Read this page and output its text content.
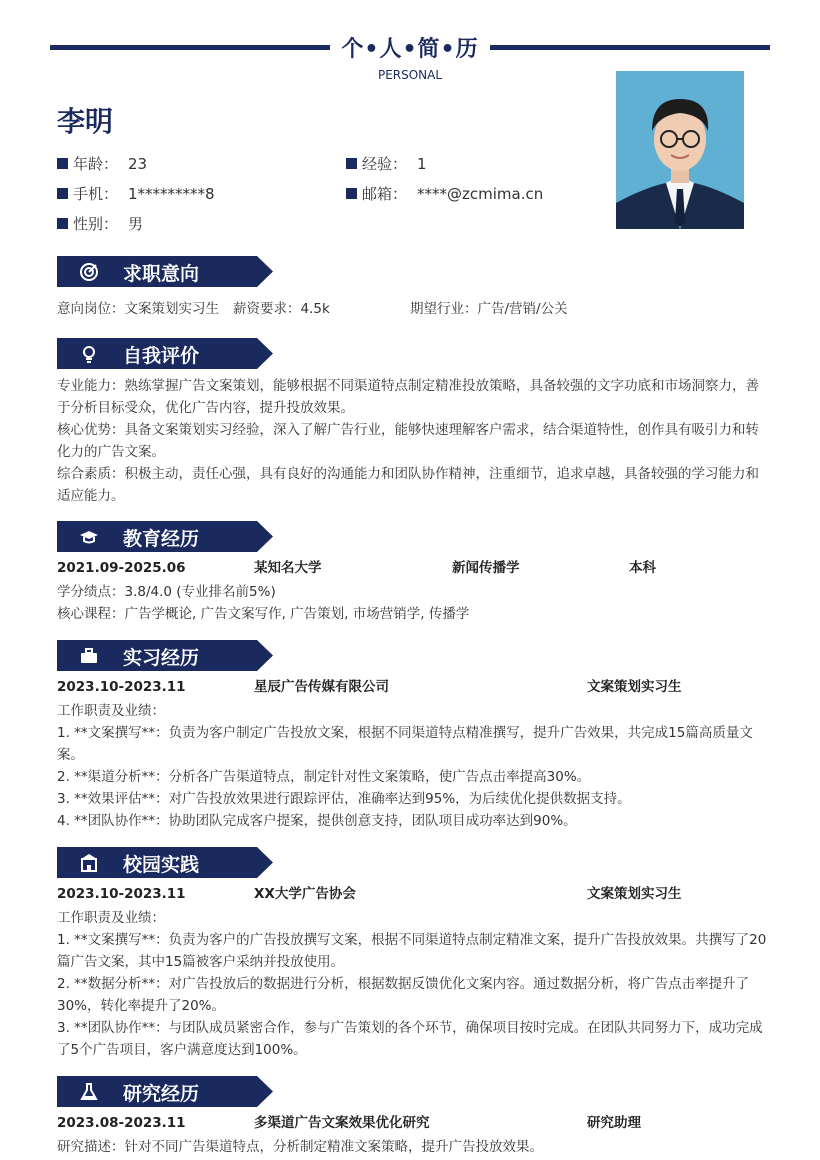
个•人•简•历
PERSONAL
李明
年龄： 23	经验： 1
手机： 1*********8	邮箱： ****@zcmima.cn
性别： 男
求职意向
意向岗位：文案策划实习生 薪资要求：4.5k	期望行业：广告/营销/公关
自我评价
专业能力：熟练掌握广告文案策划，能够根据不同渠道特点制定精准投放策略，具备较强的文字功底和市场洞察力，善于分析目标受众，优化广告内容，提升投放效果。
核心优势：具备文案策划实习经验，深入了解广告行业，能够快速理解客户需求，结合渠道特性，创作具有吸引力和转化力的广告文案。
综合素质：积极主动，责任心强，具有良好的沟通能力和团队协作精神，注重细节，追求卓越，具备较强的学习能力和适应能力。
教育经历
2021.09-2025.06	某知名大学	新闻传播学	本科
学分绩点：3.8/4.0 (专业排名前5%)
核心课程：广告学概论, 广告文案写作, 广告策划, 市场营销学, 传播学
实习经历
2023.10-2023.11	星辰广告传媒有限公司	文案策划实习生
工作职责及业绩：
1. **文案撰写**：负责为客户制定广告投放文案，根据不同渠道特点精准撰写，提升广告效果，共完成15篇高质量文案。
2. **渠道分析**：分析各广告渠道特点，制定针对性文案策略，使广告点击率提高30%。
3. **效果评估**：对广告投放效果进行跟踪评估，准确率达到95%，为后续优化提供数据支持。
4. **团队协作**：协助团队完成客户提案，提供创意支持，团队项目成功率达到90%。
校园实践
2023.10-2023.11	XX大学广告协会	文案策划实习生
工作职责及业绩：
1. **文案撰写**：负责为客户的广告投放撰写文案，根据不同渠道特点制定精准文案，提升广告投放效果。共撰写了20篇广告文案，其中15篇被客户采纳并投放使用。
2. **数据分析**：对广告投放后的数据进行分析，根据数据反馈优化文案内容。通过数据分析，将广告点击率提升了30%，转化率提升了20%。
3. **团队协作**：与团队成员紧密合作，参与广告策划的各个环节，确保项目按时完成。在团队共同努力下，成功完成了5个广告项目，客户满意度达到100%。
研究经历
2023.08-2023.11	多渠道广告文案效果优化研究	研究助理
研究描述：针对不同广告渠道特点，分析制定精准文案策略，提升广告投放效果。
